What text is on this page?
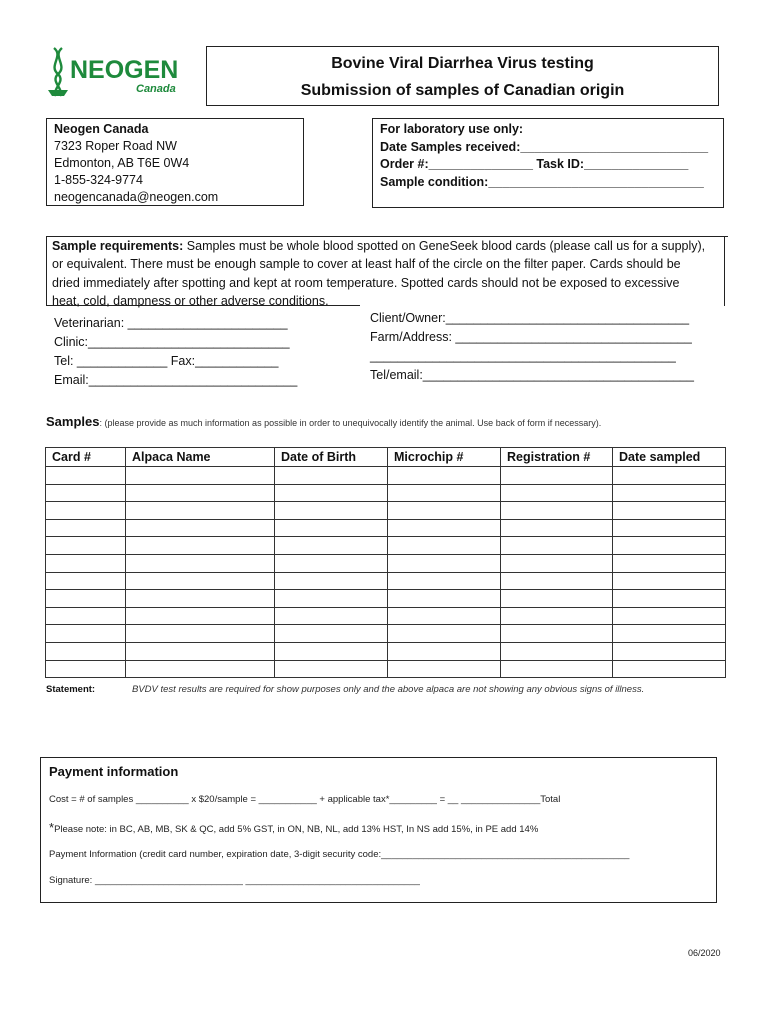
NEOGEN
Canada
Bovine Viral Diarrhea Virus testing
Submission of samples of Canadian origin
Neogen Canada
7323 Roper Road NW
Edmonton, AB T6E 0W4
1-855-324-9774
neogencanada@neogen.com
For laboratory use only:
Date Samples received:___________________________
Order #:_______________ Task ID:_______________
Sample condition:_______________________________
Sample requirements: Samples must be whole blood spotted on GeneSeek blood cards (please call us for a supply),
or equivalent. There must be enough sample to cover at least half of the circle on the filter paper. Cards should be
dried immediately after spotting and kept at room temperature. Spotted cards should not be exposed to excessive
heat, cold, dampness or other adverse conditions.
Veterinarian: _______________________
Clinic:_____________________________
Tel: _____________ Fax:____________
Email:______________________________
Client/Owner:___________________________________
Farm/Address: __________________________________
____________________________________________
Tel/email:_______________________________________
Samples: (please provide as much information as possible in order to unequivocally identify the animal. Use back of form if necessary).
Card #	Alpaca Name	Date of Birth	Microchip #	Registration #	Date sampled

Statement:	BVDV test results are required for show purposes only and the above alpaca are not showing any obvious signs of illness.
Payment information
Cost = # of samples __________ x $20/sample = ___________ + applicable tax*_________ = __ _______________Total
*Please note: in BC, AB, MB, SK & QC, add 5% GST, in ON, NB, NL, add 13% HST, In NS add 15%, in PE add 14%
Payment Information (credit card number, expiration date, 3-digit security code:_______________________________________________
Signature: ____________________________ _________________________________
06/2020
